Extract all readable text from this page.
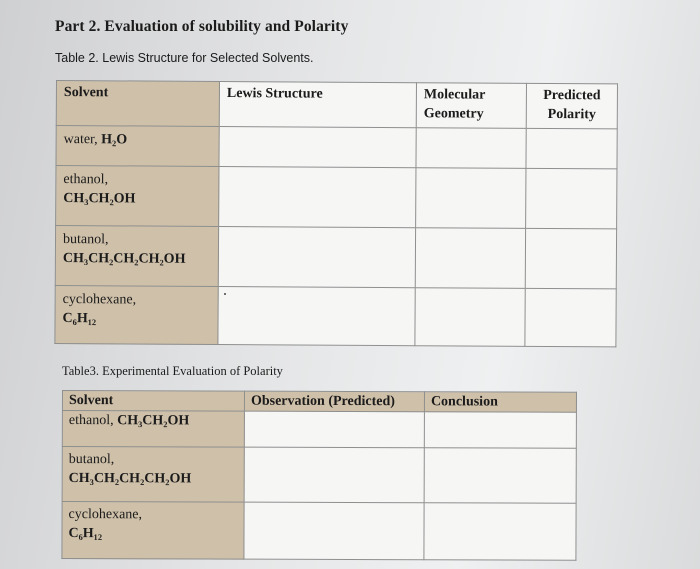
Part 2. Evaluation of solubility and Polarity
Table 2. Lewis Structure for Selected Solvents.
Solvent	Lewis Structure	Molecular Geometry	Predicted Polarity

water, H₂O			

ethanol,
CH₃CH₂OH			

butanol,
CH₃CH₂CH₂CH₂OH			

cyclohexane,
C₆H₁₂			

Table3. Experimental Evaluation of Polarity
Solvent	Observation (Predicted)	Conclusion

ethanol, CH₃CH₂OH		

butanol,
CH₃CH₂CH₂CH₂OH		

cyclohexane,
C₆H₁₂		
